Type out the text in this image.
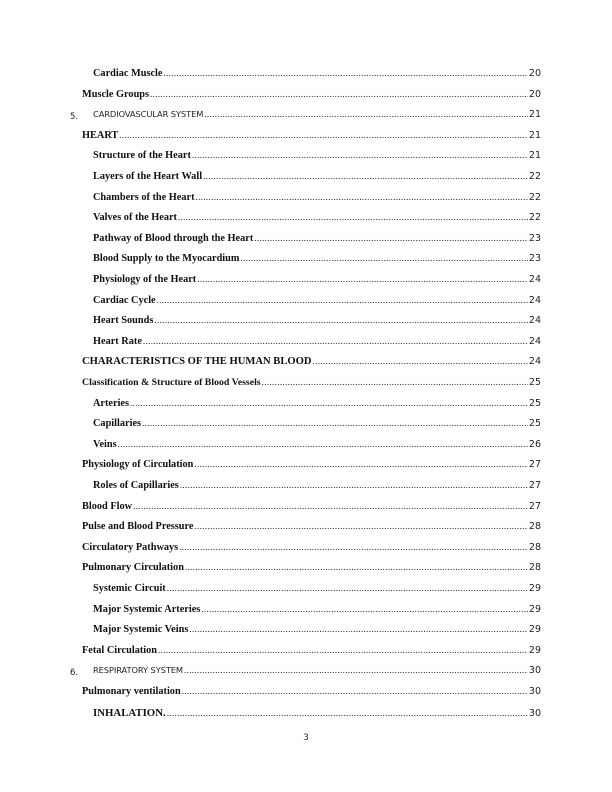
Cardiac Muscle .....	20
Muscle Groups .....	20
5. CARDIOVASCULAR SYSTEM .....	21
HEART .....	21
Structure of the Heart .....	21
Layers of the Heart Wall .....	22
Chambers of the Heart .....	22
Valves of the Heart .....	22
Pathway of Blood through the Heart .....	23
Blood Supply to the Myocardium .....	23
Physiology of the Heart .....	24
Cardiac Cycle .....	24
Heart Sounds .....	24
Heart Rate .....	24
CHARACTERISTICS OF THE HUMAN BLOOD .....	24
Classification & Structure of Blood Vessels .....	25
Arteries .....	25
Capillaries .....	25
Veins .....	26
Physiology of Circulation .....	27
Roles of Capillaries .....	27
Blood Flow .....	27
Pulse and Blood Pressure .....	28
Circulatory Pathways .....	28
Pulmonary Circulation .....	28
Systemic Circuit .....	29
Major Systemic Arteries .....	29
Major Systemic Veins .....	29
Fetal Circulation .....	29
6. RESPIRATORY SYSTEM .....	30
Pulmonary ventilation .....	30
INHALATION. .....	30
3
